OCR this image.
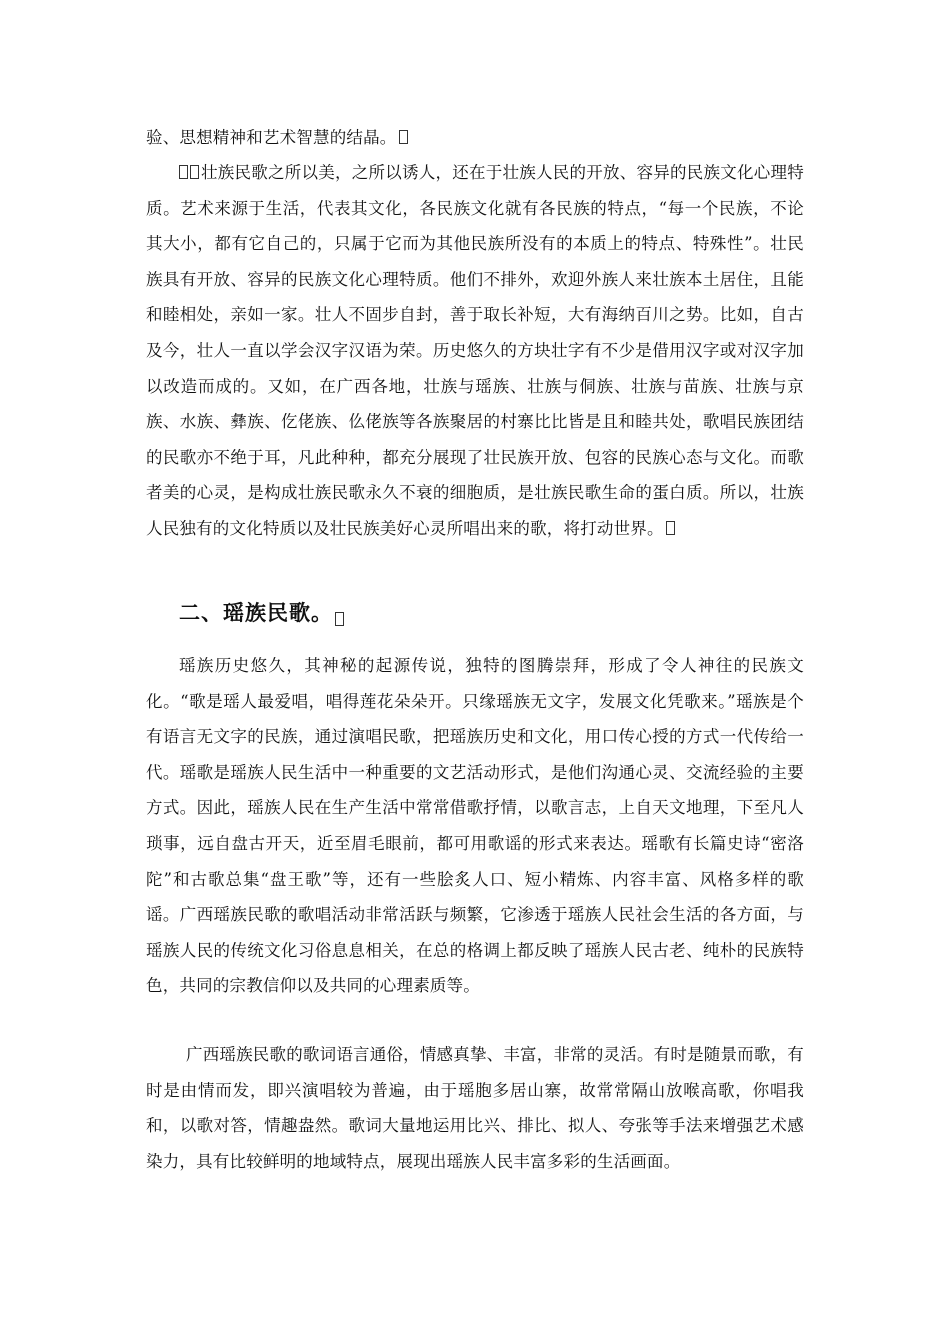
验、思想精神和艺术智慧的结晶。

壮族民歌之所以美，之所以诱人，还在于壮族人民的开放、容异的民族文化心理特质。艺术来源于生活，代表其文化，各民族文化就有各民族的特点，“每一个民族，不论其大小，都有它自己的，只属于它而为其他民族所没有的本质上的特点、特殊性”。壮民族具有开放、容异的民族文化心理特质。他们不排外，欢迎外族人来壮族本土居住，且能和睦相处，亲如一家。壮人不固步自封，善于取长补短，大有海纳百川之势。比如，自古及今，壮人一直以学会汉字汉语为荣。历史悠久的方块壮字有不少是借用汉字或对汉字加以改造而成的。又如，在广西各地，壮族与瑶族、壮族与侗族、壮族与苗族、壮族与京族、水族、彝族、仡佬族、仫佬族等各族聚居的村寨比比皆是且和睦共处，歌唱民族团结的民歌亦不绝于耳，凡此种种，都充分展现了壮民族开放、包容的民族心态与文化。而歌者美的心灵，是构成壮族民歌永久不衰的细胞质，是壮族民歌生命的蛋白质。所以，壮族人民独有的文化特质以及壮民族美好心灵所唱出来的歌，将打动世界。

二、瑶族民歌。

瑶族历史悠久，其神秘的起源传说，独特的图腾崇拜，形成了令人神往的民族文化。“歌是瑶人最爱唱，唱得莲花朵朵开。只缘瑶族无文字，发展文化凭歌来。”瑶族是个有语言无文字的民族，通过演唱民歌，把瑶族历史和文化，用口传心授的方式一代传给一代。瑶歌是瑶族人民生活中一种重要的文艺活动形式，是他们沟通心灵、交流经验的主要方式。因此，瑶族人民在生产生活中常常借歌抒情，以歌言志，上自天文地理，下至凡人琐事，远自盘古开天，近至眉毛眼前，都可用歌谣的形式来表达。瑶歌有长篇史诗“密洛陀”和古歌总集“盘王歌”等，还有一些脍炙人口、短小精炼、内容丰富、风格多样的歌谣。广西瑶族民歌的歌唱活动非常活跃与频繁，它渗透于瑶族人民社会生活的各方面，与瑶族人民的传统文化习俗息息相关，在总的格调上都反映了瑶族人民古老、纯朴的民族特色，共同的宗教信仰以及共同的心理素质等。

广西瑶族民歌的歌词语言通俗，情感真挚、丰富，非常的灵活。有时是随景而歌，有时是由情而发，即兴演唱较为普遍，由于瑶胞多居山寨，故常常隔山放喉高歌，你唱我和，以歌对答，情趣盎然。歌词大量地运用比兴、排比、拟人、夸张等手法来增强艺术感染力，具有比较鲜明的地域特点，展现出瑶族人民丰富多彩的生活画面。
